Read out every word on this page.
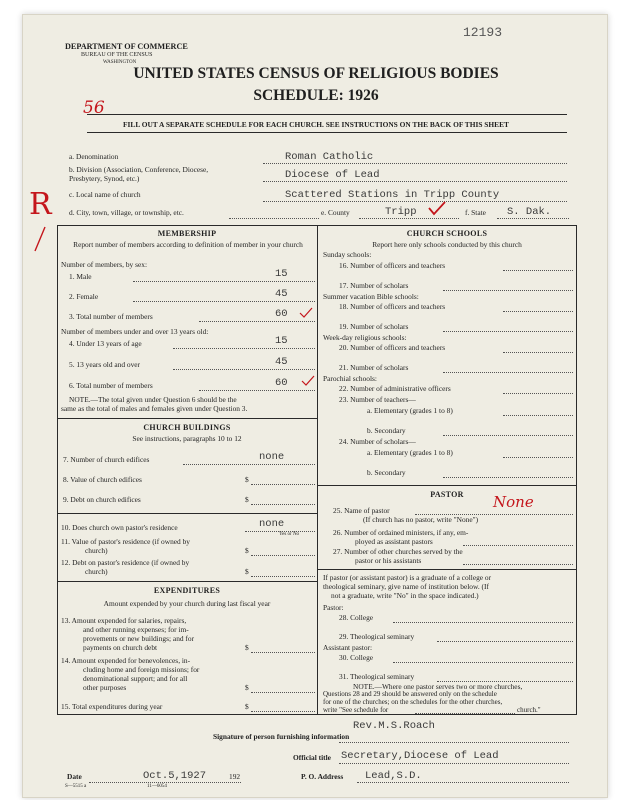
DEPARTMENT OF COMMERCE
BUREAU OF THE CENSUS
WASHINGTON
12193
UNITED STATES CENSUS OF RELIGIOUS BODIES
SCHEDULE: 1926
56
FILL OUT A SEPARATE SCHEDULE FOR EACH CHURCH. SEE INSTRUCTIONS ON THE BACK OF THIS SHEET
R
a. Denomination	Roman Catholic
b. Division (Association, Conference, Diocese, Presbytery, Synod, etc.)	Diocese of Lead
c. Local name of church	Scattered Stations in Tripp County
d. City, town, village, or township, etc.	e. County	Tripp	f. State S. Dak.
MEMBERSHIP
Report number of members according to definition of member in your church
Number of members, by sex:
1. Male	15
2. Female	45
3. Total number of members	60
Number of members under and over 13 years old:
4. Under 13 years of age	15
5. 13 years old and over	45
6. Total number of members	60
NOTE.—The total given under Question 6 should be the
same as the total of males and females given under Question 3.
CHURCH BUILDINGS
See instructions, paragraphs 10 to 12
7. Number of church edifices	none
8. Value of church edifices	$
9. Debt on church edifices	$
10. Does church own pastor's residence	none
Yes or No
11. Value of pastor's residence (if owned by
church)	$
12. Debt on pastor's residence (if owned by
church)	$
EXPENDITURES
Amount expended by your church during last fiscal year
13. Amount expended for salaries, repairs,
and other running expenses; for im-
provements or new buildings; and for
payments on church debt	$
14. Amount expended for benevolences, in-
cluding home and foreign missions; for
denominational support; and for all
other purposes	$
15. Total expenditures during year	$
CHURCH SCHOOLS
Report here only schools conducted by this church
Sunday schools:
16. Number of officers and teachers
17. Number of scholars
Summer vacation Bible schools:
18. Number of officers and teachers
19. Number of scholars
Week-day religious schools:
20. Number of officers and teachers
21. Number of scholars
Parochial schools:
22. Number of administrative officers
23. Number of teachers—
a. Elementary (grades 1 to 8)
b. Secondary
24. Number of scholars—
a. Elementary (grades 1 to 8)
b. Secondary
PASTOR
25. Name of pastor	None
(If church has no pastor, write "None")
26. Number of ordained ministers, if any, em-
ployed as assistant pastors
27. Number of other churches served by the
pastor or his assistants
If pastor (or assistant pastor) is a graduate of a college or
theological seminary, give name of institution below. (If
not a graduate, write "No" in the space indicated.)
Pastor:
28. College
29. Theological seminary
Assistant pastor:
30. College
31. Theological seminary
NOTE.—Where one pastor serves two or more churches,
Questions 28 and 29 should be answered only on the schedule
for one of the churches; on the schedules for the other churches,
write "See schedule for	church."
Signature of person furnishing information
Rev.M.S.Roach
Official title Secretary,Diocese of Lead
Date	Oct.5,1927	192	P. O. Address Lead,S.D.
S—5515 a	11—6054
